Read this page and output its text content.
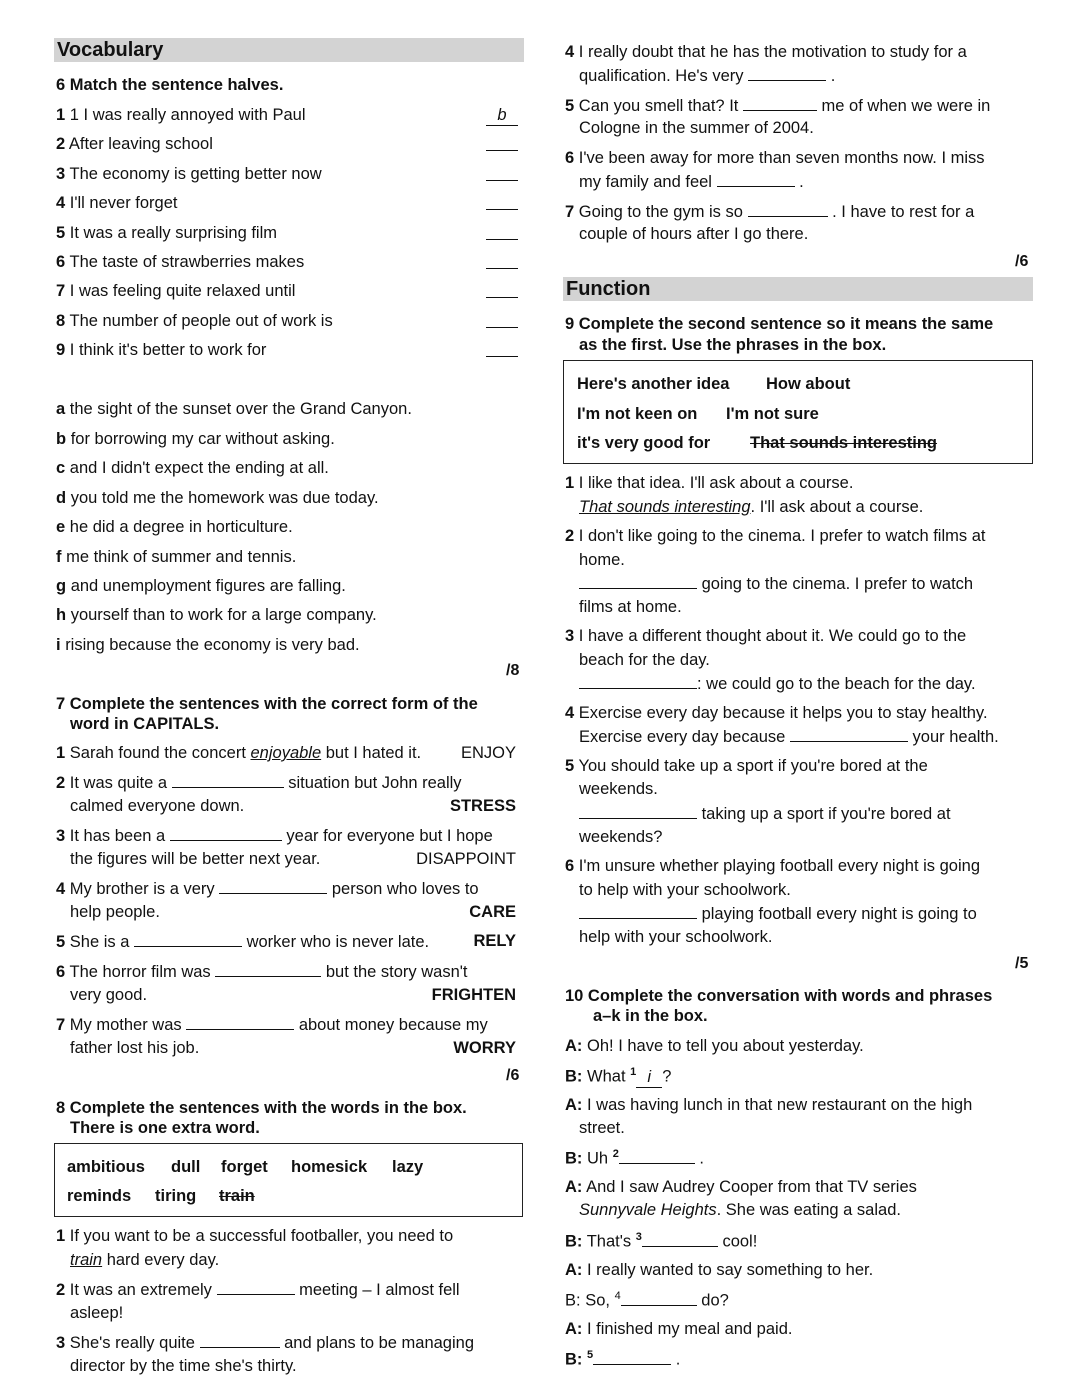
Vocabulary
6 Match the sentence halves.
1 1 I was really annoyed with Paul	b
2 After leaving school
3 The economy is getting better now
4 I'll never forget
5 It was a really surprising film
6 The taste of strawberries makes
7 I was feeling quite relaxed until
8 The number of people out of work is
9 I think it's better to work for
a the sight of the sunset over the Grand Canyon.
b for borrowing my car without asking.
c and I didn't expect the ending at all.
d you told me the homework was due today.
e he did a degree in horticulture.
f me think of summer and tennis.
g and unemployment figures are falling.
h yourself than to work for a large company.
i rising because the economy is very bad.
/8
7 Complete the sentences with the correct form of the
word in CAPITALS.
1 Sarah found the concert enjoyable but I hated it. ENJOY
2 It was quite a	situation but John really
calmed everyone down.	STRESS
3 It has been a	year for everyone but I hope
the figures will be better next year.	DISAPPOINT
4 My brother is a very	person who loves to
help people.	CARE
5 She is a	worker who is never late.	RELY
6 The horror film was	but the story wasn't
very good.	FRIGHTEN
7 My mother was	about money because my
father lost his job.	WORRY
/6
8 Complete the sentences with the words in the box.
There is one extra word.
ambitious dull forget homesick lazy
reminds tiring train
1 If you want to be a successful footballer, you need to
train hard every day.
2 It was an extremely	meeting – I almost fell
asleep!
3 She's really quite	and plans to be managing
director by the time she's thirty.
4 I really doubt that he has the motivation to study for a
qualification. He's very	.
5 Can you smell that? It	me of when we were in
Cologne in the summer of 2004.
6 I've been away for more than seven months now. I miss
my family and feel	.
7 Going to the gym is so	. I have to rest for a
couple of hours after I go there.
/6
Function
9 Complete the second sentence so it means the same
as the first. Use the phrases in the box.
Here's another idea How about
I'm not keen on I'm not sure
it's very good for That sounds interesting
1 I like that idea. I'll ask about a course.
That sounds interesting. I'll ask about a course.
2 I don't like going to the cinema. I prefer to watch films at
home.
going to the cinema. I prefer to watch
films at home.
3 I have a different thought about it. We could go to the
beach for the day.
: we could go to the beach for the day.
4 Exercise every day because it helps you to stay healthy.
Exercise every day because	your health.
5 You should take up a sport if you're bored at the
weekends.
taking up a sport if you're bored at
weekends?
6 I'm unsure whether playing football every night is going
to help with your schoolwork.
playing football every night is going to
help with your schoolwork.
/5
10 Complete the conversation with words and phrases
a–k in the box.
A: Oh! I have to tell you about yesterday.
B: What $^1$ i ?
A: I was having lunch in that new restaurant on the high
street.
B: Uh $^2$	.
A: And I saw Audrey Cooper from that TV series
Sunnyvale Heights. She was eating a salad.
B: That's $^3$	cool!
A: I really wanted to say something to her.
B: So, $^4$	do?
A: I finished my meal and paid.
B: $^5$	.
